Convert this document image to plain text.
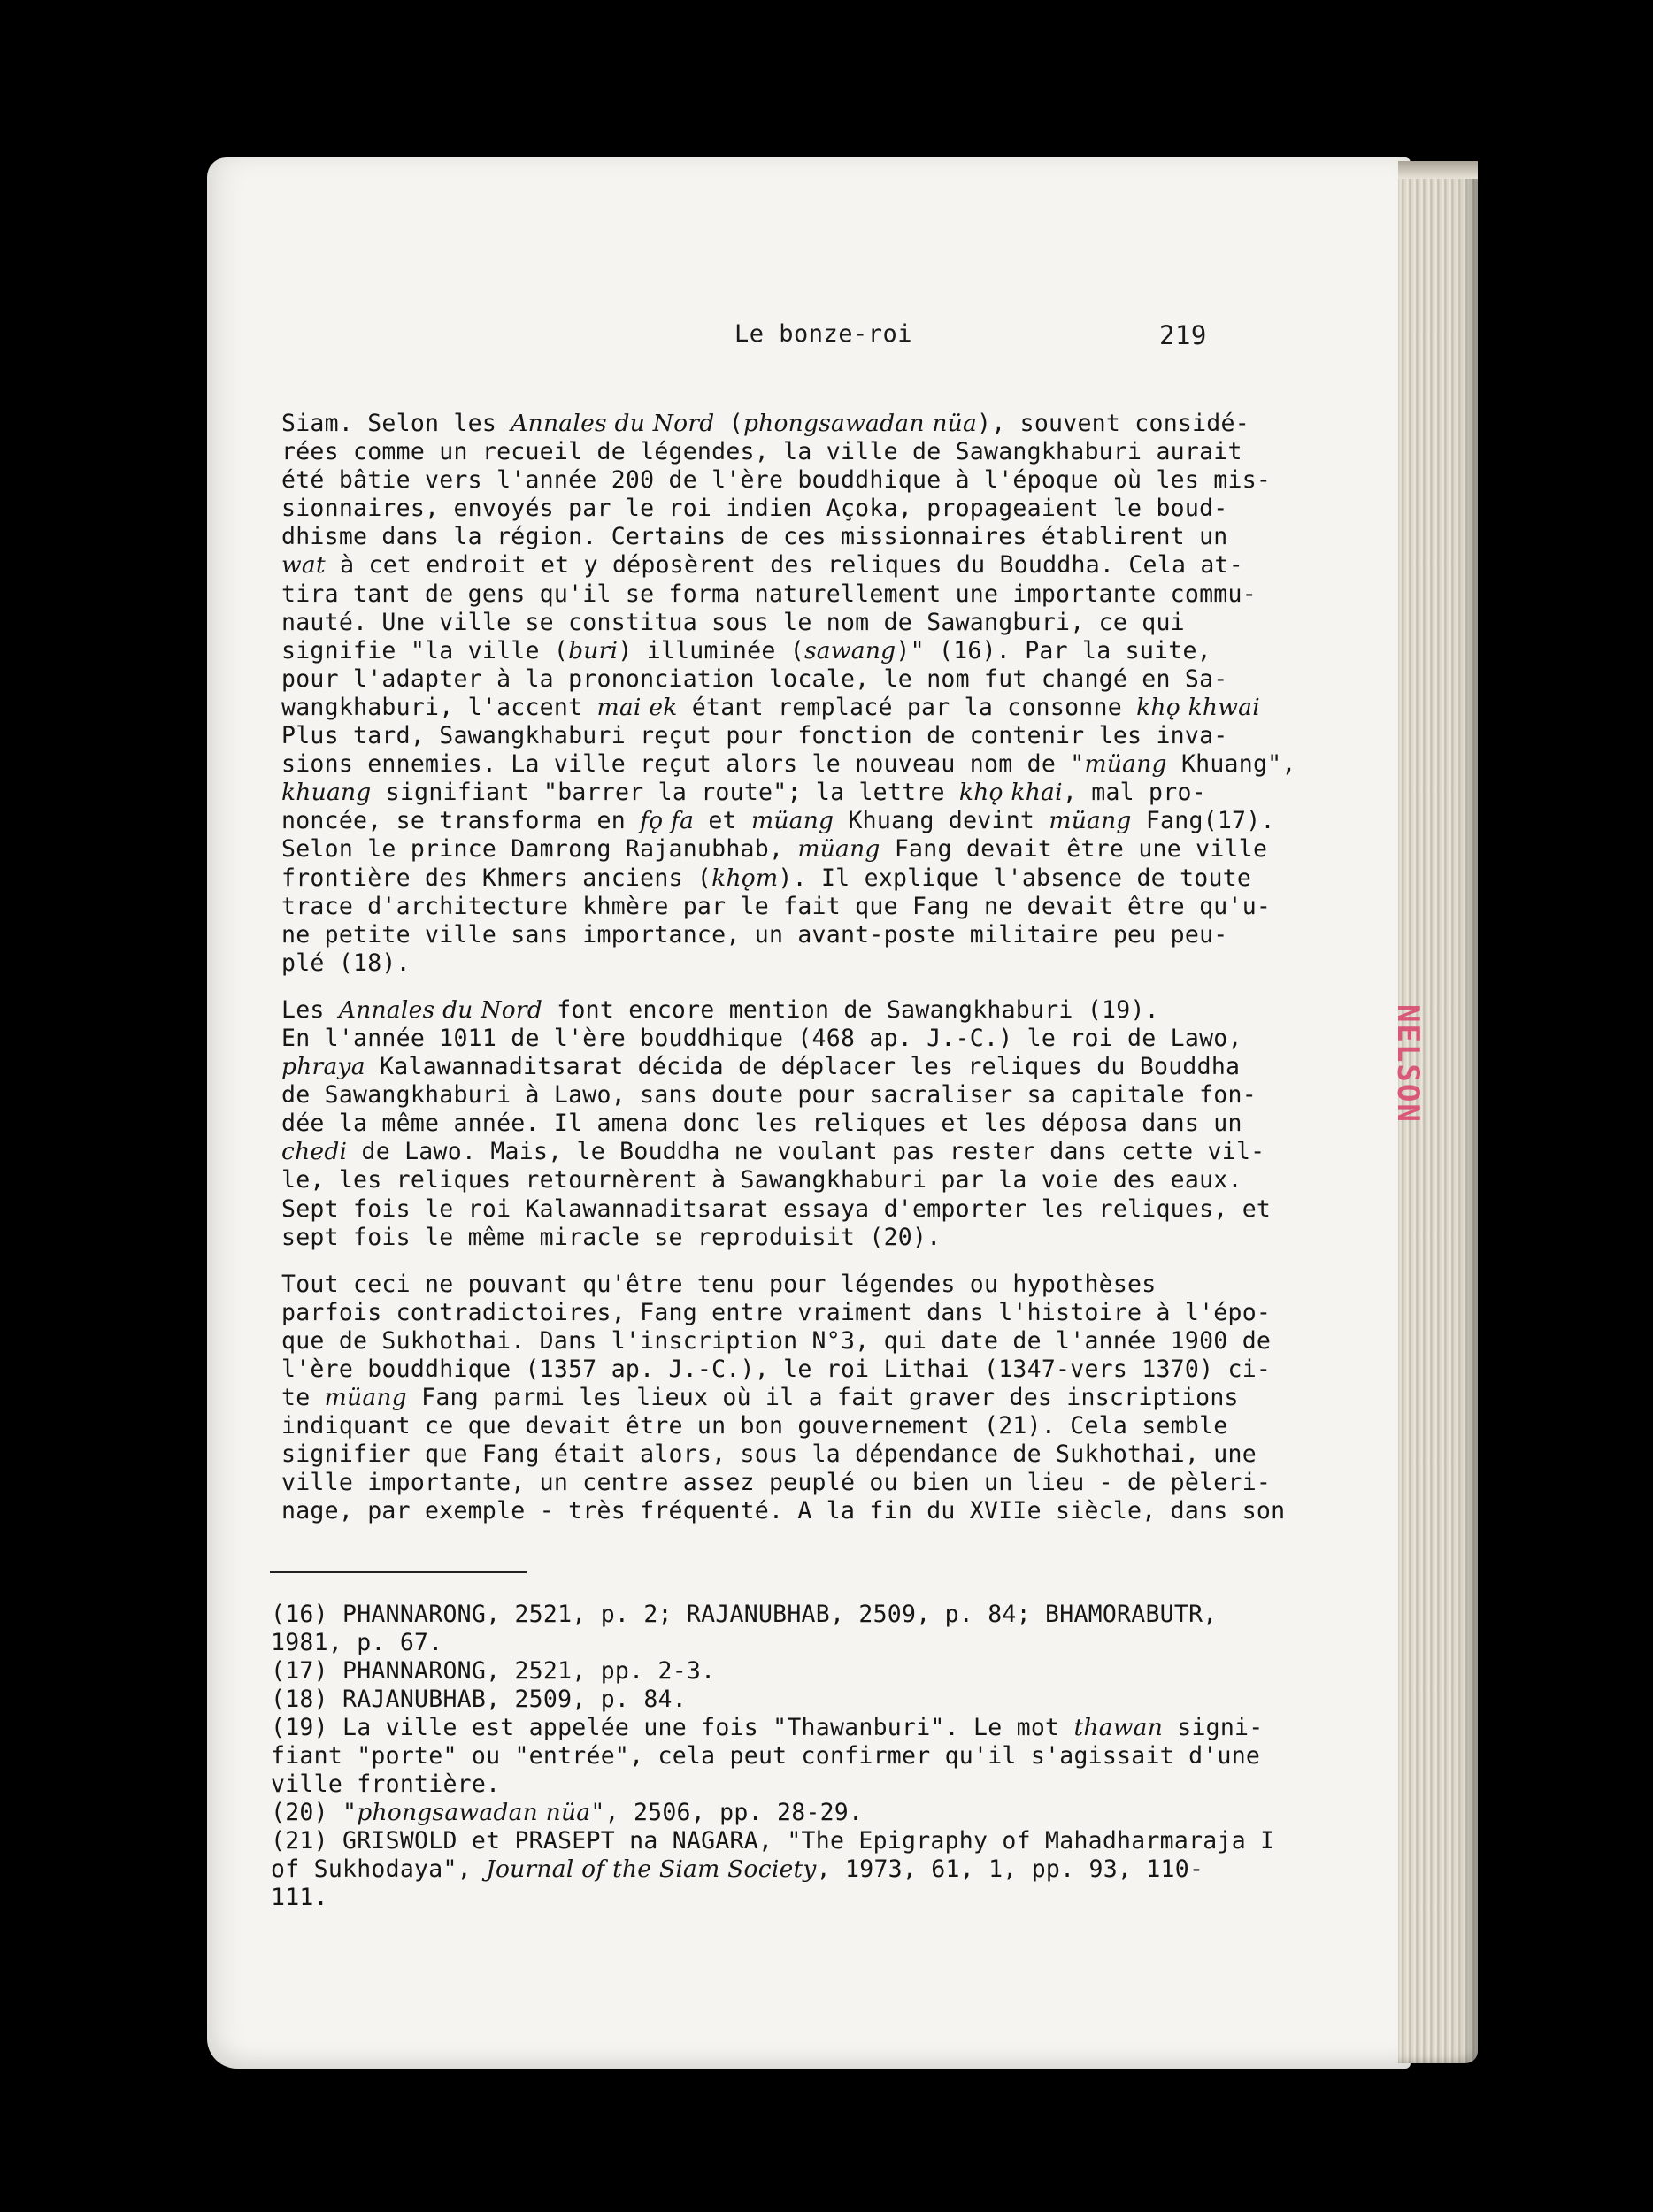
NELSON
Le bonze-roi	219

Siam. Selon les Annales du Nord (phongsawadan nüa), souvent considé-

rées comme un recueil de légendes, la ville de Sawangkhaburi aurait

été bâtie vers l'année 200 de l'ère bouddhique à l'époque où les mis-

sionnaires, envoyés par le roi indien Açoka, propageaient le boud-

dhisme dans la région. Certains de ces missionnaires établirent un

wat à cet endroit et y déposèrent des reliques du Bouddha. Cela at-

tira tant de gens qu'il se forma naturellement une importante commu-

nauté. Une ville se constitua sous le nom de Sawangburi, ce qui

signifie "la ville (buri) illuminée (sawang)" (16). Par la suite,

pour l'adapter à la prononciation locale, le nom fut changé en Sa-

wangkhaburi, l'accent mai ek étant remplacé par la consonne khǫ khwai

Plus tard, Sawangkhaburi reçut pour fonction de contenir les inva-

sions ennemies. La ville reçut alors le nouveau nom de "müang Khuang",

khuang signifiant "barrer la route"; la lettre khǫ khai, mal pro-

noncée, se transforma en fǫ fa et müang Khuang devint müang Fang(17).

Selon le prince Damrong Rajanubhab, müang Fang devait être une ville

frontière des Khmers anciens (khǫm). Il explique l'absence de toute

trace d'architecture khmère par le fait que Fang ne devait être qu'u-

ne petite ville sans importance, un avant-poste militaire peu peu-

plé (18).

Les Annales du Nord font encore mention de Sawangkhaburi (19).

En l'année 1011 de l'ère bouddhique (468 ap. J.-C.) le roi de Lawo,

phraya Kalawannaditsarat décida de déplacer les reliques du Bouddha

de Sawangkhaburi à Lawo, sans doute pour sacraliser sa capitale fon-

dée la même année. Il amena donc les reliques et les déposa dans un

chedi de Lawo. Mais, le Bouddha ne voulant pas rester dans cette vil-

le, les reliques retournèrent à Sawangkhaburi par la voie des eaux.

Sept fois le roi Kalawannaditsarat essaya d'emporter les reliques, et

sept fois le même miracle se reproduisit (20).

Tout ceci ne pouvant qu'être tenu pour légendes ou hypothèses

parfois contradictoires, Fang entre vraiment dans l'histoire à l'épo-

que de Sukhothai. Dans l'inscription N°3, qui date de l'année 1900 de

l'ère bouddhique (1357 ap. J.-C.), le roi Lithai (1347-vers 1370) ci-

te müang Fang parmi les lieux où il a fait graver des inscriptions

indiquant ce que devait être un bon gouvernement (21). Cela semble

signifier que Fang était alors, sous la dépendance de Sukhothai, une

ville importante, un centre assez peuplé ou bien un lieu - de pèleri-

nage, par exemple - très fréquenté. A la fin du XVIIe siècle, dans son

(16) PHANNARONG, 2521, p. 2; RAJANUBHAB, 2509, p. 84; BHAMORABUTR,

1981, p. 67.

(17) PHANNARONG, 2521, pp. 2-3.

(18) RAJANUBHAB, 2509, p. 84.

(19) La ville est appelée une fois "Thawanburi". Le mot thawan signi-

fiant "porte" ou "entrée", cela peut confirmer qu'il s'agissait d'une

ville frontière.

(20) "phongsawadan nüa", 2506, pp. 28-29.

(21) GRISWOLD et PRASEPT na NAGARA, "The Epigraphy of Mahadharmaraja I

of Sukhodaya", Journal of the Siam Society, 1973, 61, 1, pp. 93, 110-

111.
